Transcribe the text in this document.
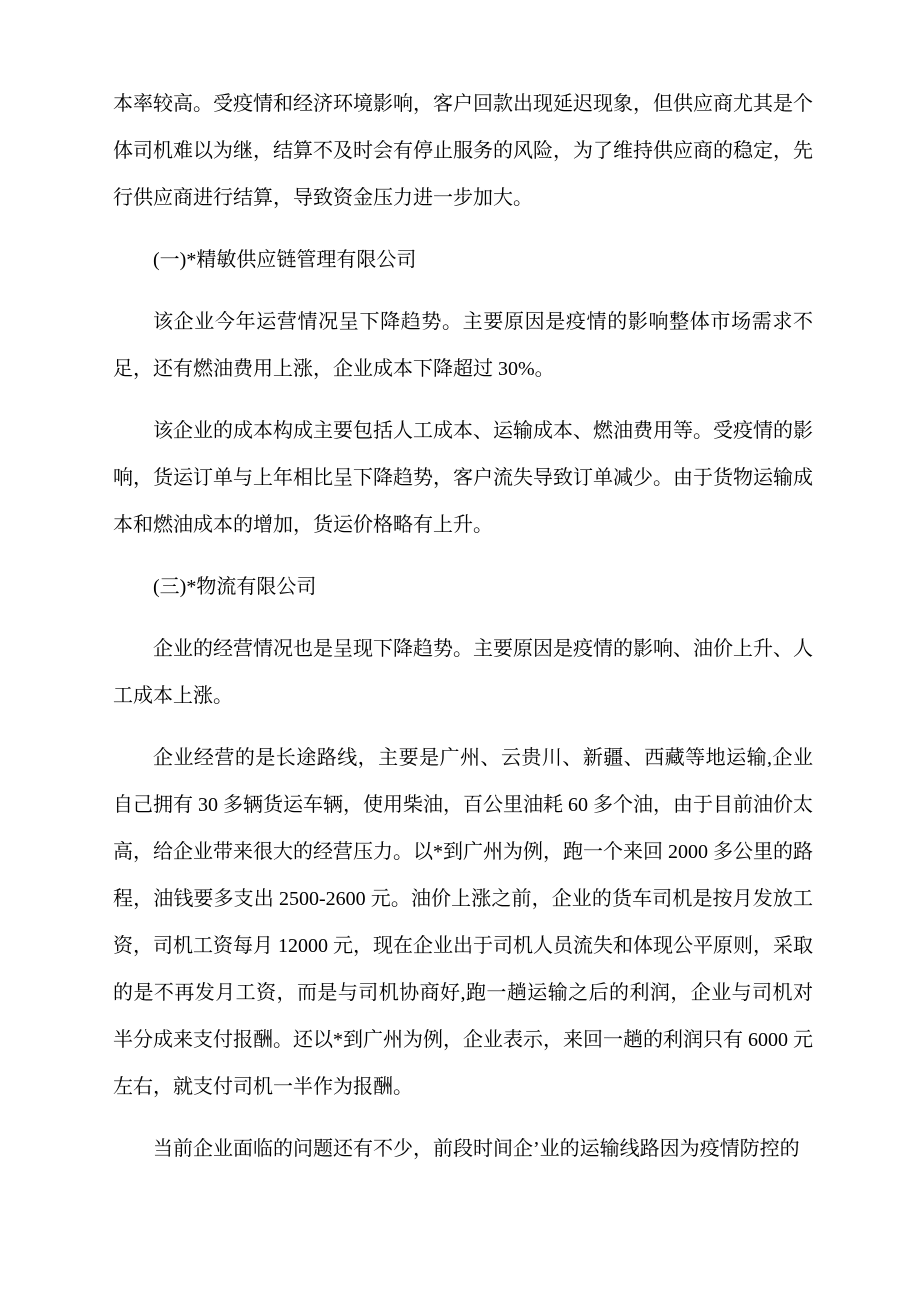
本率较高。受疫情和经济环境影响，客户回款出现延迟现象，但供应商尤其是个体司机难以为继，结算不及时会有停止服务的风险，为了维持供应商的稳定，先行供应商进行结算，导致资金压力进一步加大。

(一)*精敏供应链管理有限公司

该企业今年运营情况呈下降趋势。主要原因是疫情的影响整体市场需求不足，还有燃油费用上涨，企业成本下降超过 30%。

该企业的成本构成主要包括人工成本、运输成本、燃油费用等。受疫情的影响，货运订单与上年相比呈下降趋势，客户流失导致订单减少。由于货物运输成本和燃油成本的增加，货运价格略有上升。

(三)*物流有限公司

企业的经营情况也是呈现下降趋势。主要原因是疫情的影响、油价上升、人工成本上涨。

企业经营的是长途路线，主要是广州、云贵川、新疆、西藏等地运输,企业自己拥有 30 多辆货运车辆，使用柴油，百公里油耗 60 多个油，由于目前油价太高，给企业带来很大的经营压力。以*到广州为例，跑一个来回 2000 多公里的路程，油钱要多支出 2500-2600 元。油价上涨之前，企业的货车司机是按月发放工资，司机工资每月 12000 元，现在企业出于司机人员流失和体现公平原则，采取的是不再发月工资，而是与司机协商好,跑一趟运输之后的利润，企业与司机对半分成来支付报酬。还以*到广州为例，企业表示，来回一趟的利润只有 6000 元左右，就支付司机一半作为报酬。

当前企业面临的问题还有不少，前段时间企’业的运输线路因为疫情防控的
